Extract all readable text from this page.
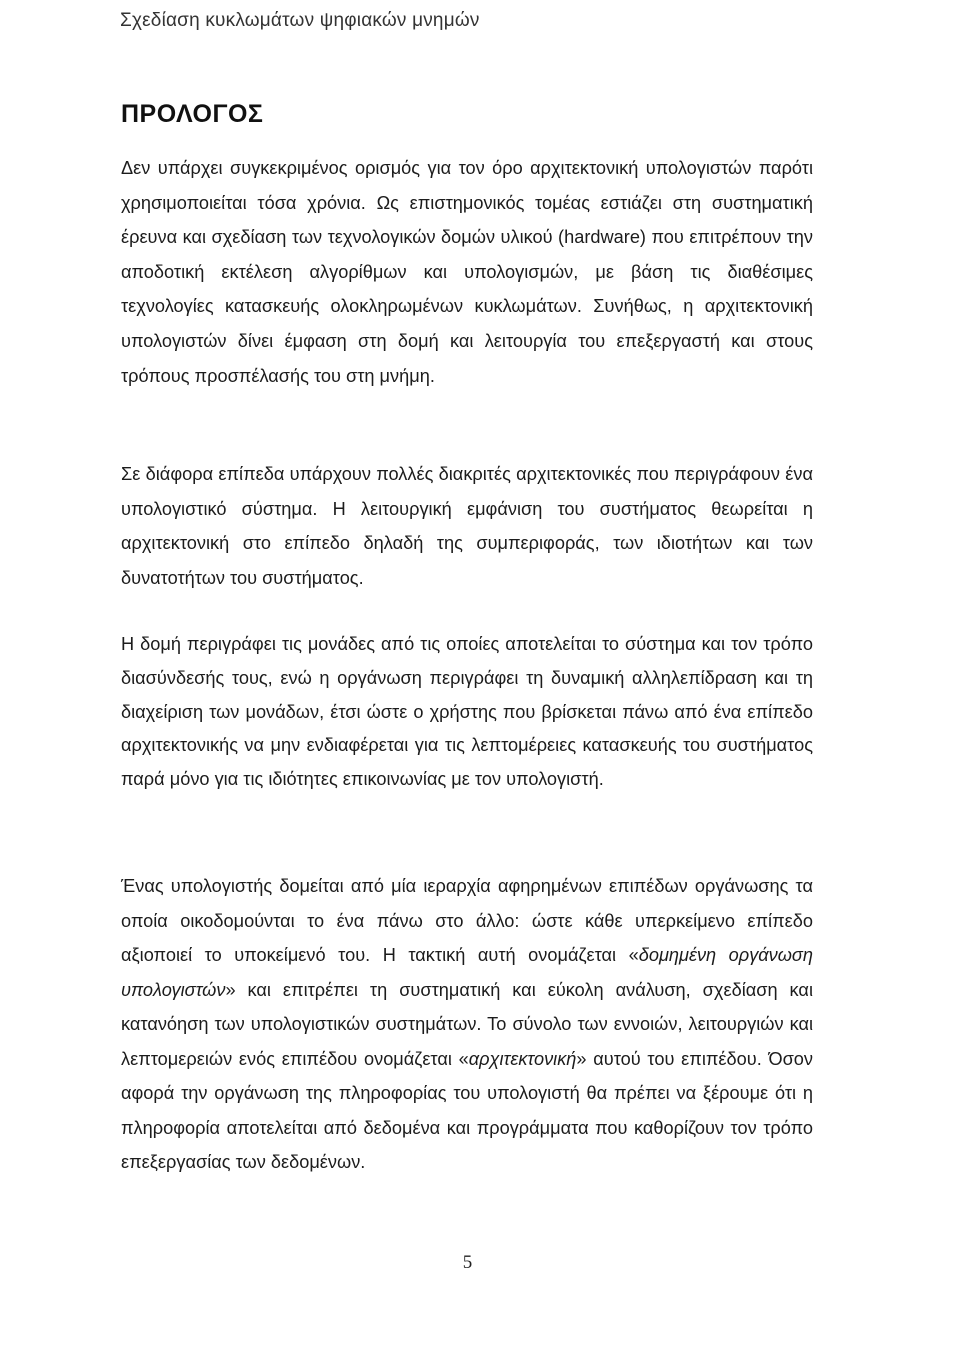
Σχεδίαση κυκλωμάτων ψηφιακών μνημών
ΠΡΟΛΟΓΟΣ

Δεν υπάρχει συγκεκριμένος ορισμός για τον όρο αρχιτεκτονική υπολογιστών παρότι χρησιμοποιείται τόσα χρόνια. Ως επιστημονικός τομέας εστιάζει στη συστηματική έρευνα και σχεδίαση των τεχνολογικών δομών υλικού (hardware) που επιτρέπουν την αποδοτική εκτέλεση αλγορίθμων και υπολογισμών, με βάση τις διαθέσιμες τεχνολογίες κατασκευής ολοκληρωμένων κυκλωμάτων. Συνήθως, η αρχιτεκτονική υπολογιστών δίνει έμφαση στη δομή και λειτουργία του επεξεργαστή και στους τρόπους προσπέλασής του στη μνήμη.

Σε διάφορα επίπεδα υπάρχουν πολλές διακριτές αρχιτεκτονικές που περιγράφουν ένα υπολογιστικό σύστημα. Η λειτουργική εμφάνιση του συστήματος θεωρείται η αρχιτεκτονική στο επίπεδο δηλαδή της συμπεριφοράς, των ιδιοτήτων και των δυνατοτήτων του συστήματος.

Η δομή περιγράφει τις μονάδες από τις οποίες αποτελείται το σύστημα και τον τρόπο διασύνδεσής τους, ενώ η οργάνωση περιγράφει τη δυναμική αλληλεπίδραση και τη διαχείριση των μονάδων, έτσι ώστε ο χρήστης που βρίσκεται πάνω από ένα επίπεδο αρχιτεκτονικής να μην ενδιαφέρεται για τις λεπτομέρειες κατασκευής του συστήματος παρά μόνο για τις ιδιότητες επικοινωνίας με τον υπολογιστή.

Ένας υπολογιστής δομείται από μία ιεραρχία αφηρημένων επιπέδων οργάνωσης τα οποία οικοδομούνται το ένα πάνω στο άλλο: ώστε κάθε υπερκείμενο επίπεδο αξιοποιεί το υποκείμενό του. Η τακτική αυτή ονομάζεται «δομημένη οργάνωση υπολογιστών» και επιτρέπει τη συστηματική και εύκολη ανάλυση, σχεδίαση και κατανόηση των υπολογιστικών συστημάτων. Το σύνολο των εννοιών, λειτουργιών και λεπτομερειών ενός επιπέδου ονομάζεται «αρχιτεκτονική» αυτού του επιπέδου. Όσον αφορά την οργάνωση της πληροφορίας του υπολογιστή θα πρέπει να ξέρουμε ότι η πληροφορία αποτελείται από δεδομένα και προγράμματα που καθορίζουν τον τρόπο επεξεργασίας των δεδομένων.

5
